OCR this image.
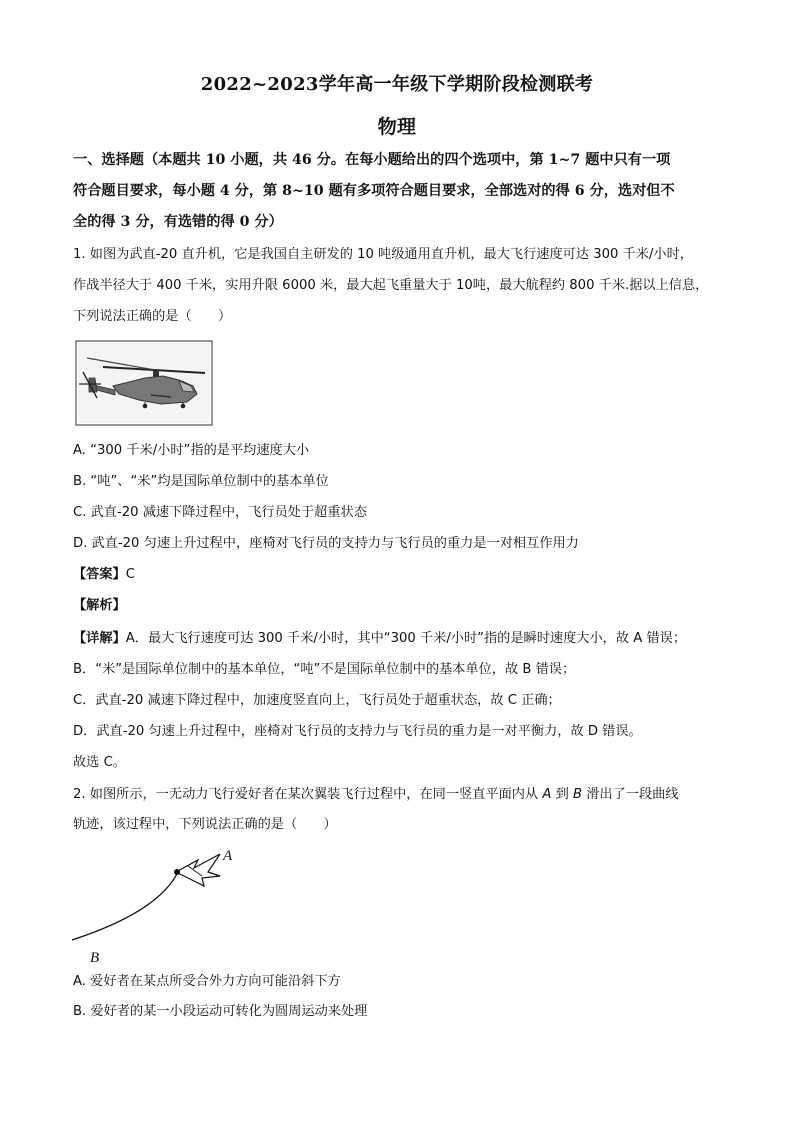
2022~2023学年高一年级下学期阶段检测联考
物理
一、选择题（本题共 10 小题，共 46 分。在每小题给出的四个选项中，第 1~7 题中只有一项
符合题目要求，每小题 4 分，第 8~10 题有多项符合题目要求，全部选对的得 6 分，选对但不
全的得 3 分，有选错的得 0 分）
1. 如图为武直-20 直升机，它是我国自主研发的 10 吨级通用直升机，最大飞行速度可达 300 千米/小时，
作战半径大于 400 千米，实用升限 6000 米，最大起飞重量大于 10吨，最大航程约 800 千米.据以上信息，
下列说法正确的是（　　）
A. “300 千米/小时”指的是平均速度大小
B. “吨”、“米”均是国际单位制中的基本单位
C. 武直-20 减速下降过程中，飞行员处于超重状态
D. 武直-20 匀速上升过程中，座椅对飞行员的支持力与飞行员的重力是一对相互作用力
【答案】C
【解析】
【详解】A．最大飞行速度可达 300 千米/小时，其中“300 千米/小时”指的是瞬时速度大小，故 A 错误；
B．“米”是国际单位制中的基本单位，“吨”不是国际单位制中的基本单位，故 B 错误；
C．武直-20 减速下降过程中，加速度竖直向上，飞行员处于超重状态，故 C 正确；
D．武直-20 匀速上升过程中，座椅对飞行员的支持力与飞行员的重力是一对平衡力，故 D 错误。
故选 C。
2. 如图所示，一无动力飞行爱好者在某次翼装飞行过程中，在同一竖直平面内从 A 到 B 滑出了一段曲线
轨迹，该过程中，下列说法正确的是（　　）
A
B
A. 爱好者在某点所受合外力方向可能沿斜下方
B. 爱好者的某一小段运动可转化为圆周运动来处理
